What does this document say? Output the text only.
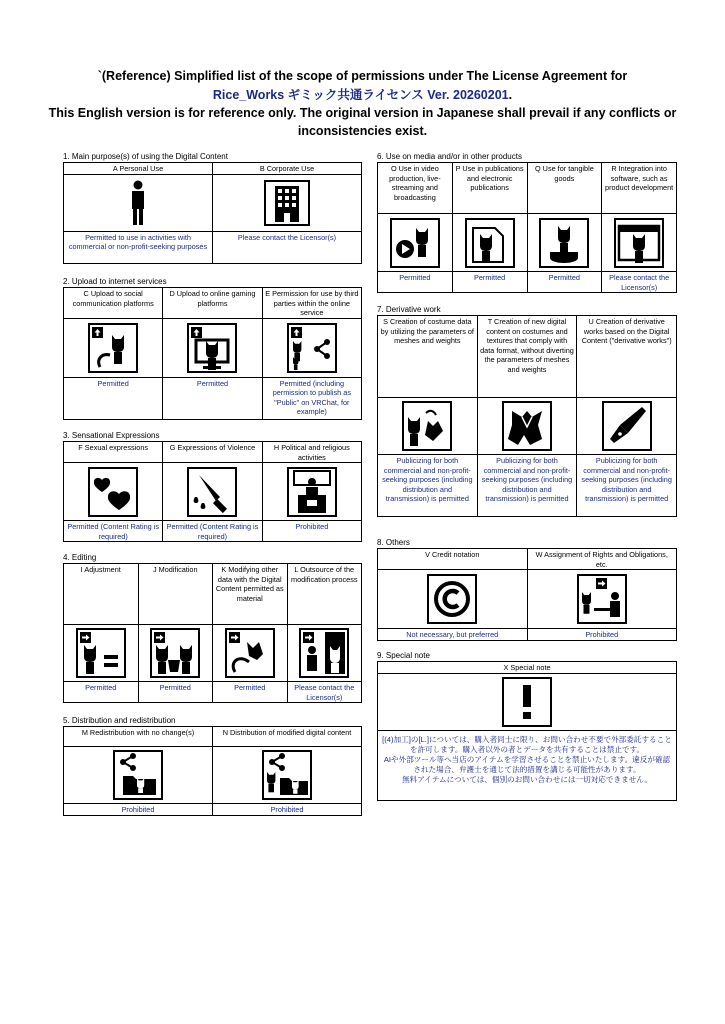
`(Reference) Simplified list of the scope of permissions under The License Agreement for
Rice_Works ギミック共通ライセンス Ver. 20260201.
This English version is for reference only. The original version in Japanese shall prevail if any conflicts or
inconsistencies exist.
1. Main purpose(s) of using the Digital Content
A Personal Use	B Corporate Use

Permitted to use in activities with commercial or non-profit-seeking purposes	Please contact the Licensor(s)
2. Upload to internet services
C Upload to social communication platforms	D Upload to online gaming platforms	E Permission for use by third parties within the online service

Permitted	Permitted	Permitted (including permission to publish as "Public" on VRChat, for example)
3. Sensational Expressions
F Sexual expressions	G Expressions of Violence	H Political and religious activities

Permitted (Content Rating is required)	Permitted (Content Rating is required)	Prohibited
4. Editing
I Adjustment	J Modification	K Modifying other data with the Digital Content permitted as material	L Outsource of the modification process

Permitted	Permitted	Permitted	Please contact the Licensor(s)
5. Distribution and redistribution
M Redistribution with no change(s)	N Distribution of modified digital content

Prohibited	Prohibited
6. Use on media and/or in other products
O Use in video production, live-streaming and broadcasting	P Use in publications and electronic publications	Q Use for tangible goods	R Integration into software, such as product development

Permitted	Permitted	Permitted	Please contact the Licensor(s)
7. Derivative work
S Creation of costume data by utilizing the parameters of meshes and weights	T Creation of new digital content on costumes and textures that comply with data format, without diverting the parameters of meshes and weights	U Creation of derivative works based on the Digital Content ("derivative works")

Publicizing for both commercial and non-profit-seeking purposes (including distribution and transmission) is permitted	Publicizing for both commercial and non-profit-seeking purposes (including distribution and transmission) is permitted	Publicizing for both commercial and non-profit-seeking purposes (including distribution and transmission) is permitted
8. Others
V Credit notation	W Assignment of Rights and Obligations, etc.

Not necessary, but preferred	Prohibited
9. Special note
X Special note

[(4)加工]の[L.]については、購入者同士に限り、お問い合わせ不要で外部委託することを許可します。購入者以外の者とデータを共有することは禁止です。
AIや外部ツール等へ当店のアイテムを学習させることを禁止いたします。違反が確認された場合、弁護士を通じて法的措置を講じる可能性があります。
無料アイテムについては、個別のお問い合わせには一切対応できません。
